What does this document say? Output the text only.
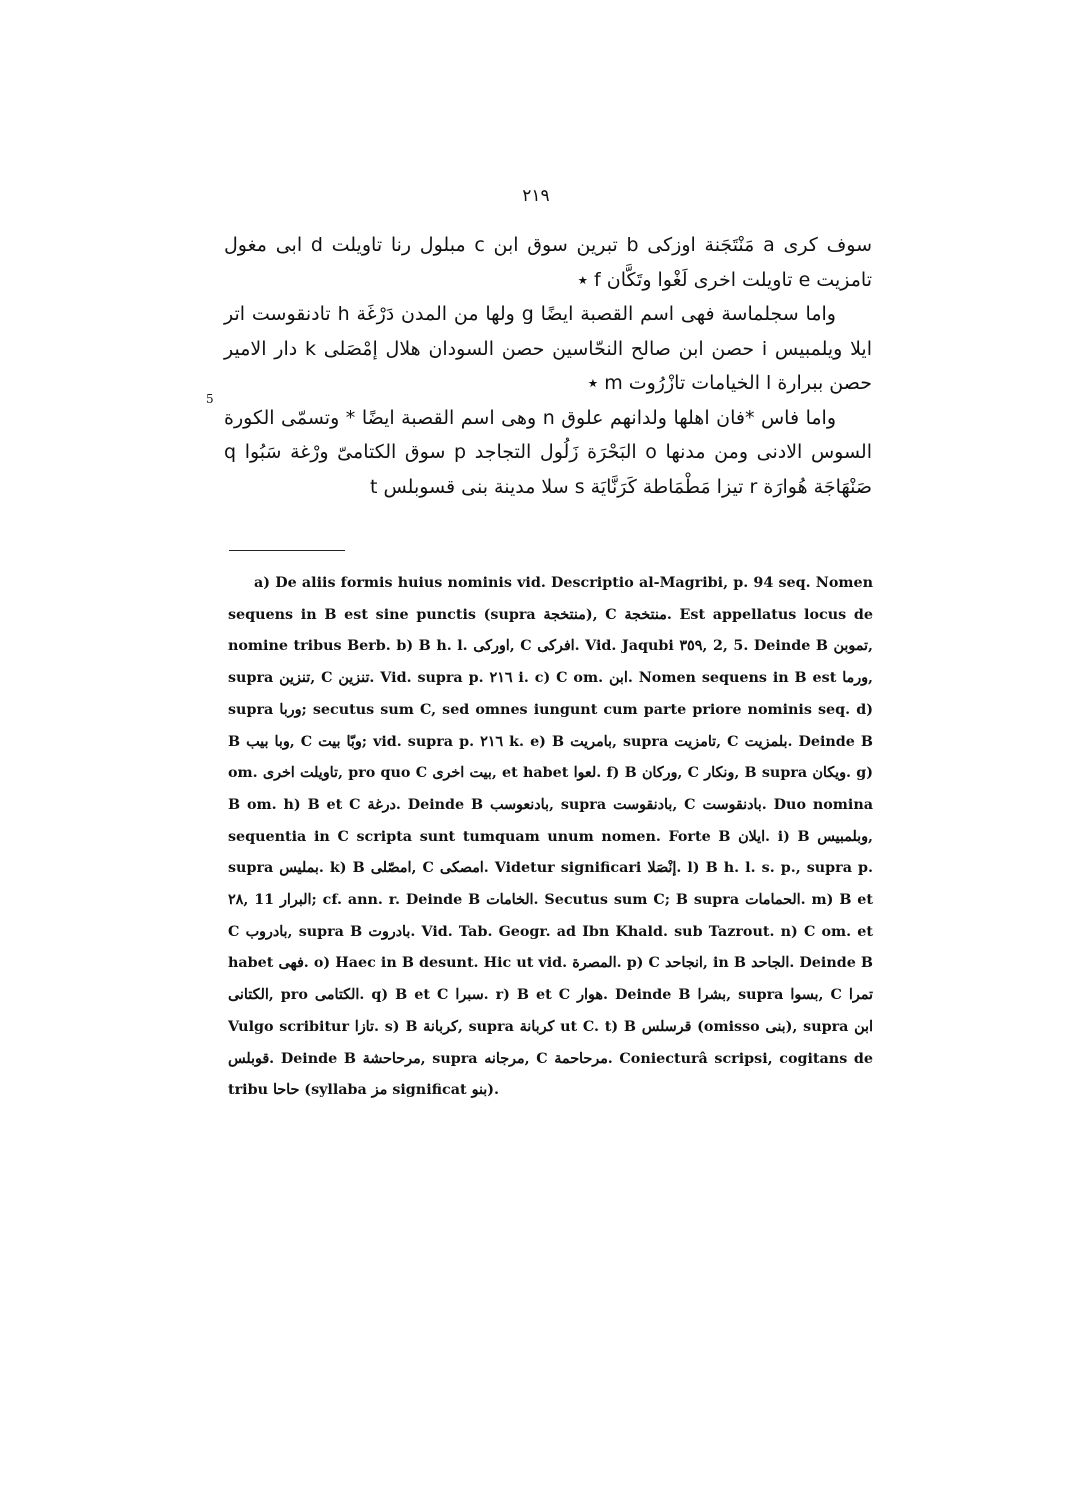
٢١٩

سوف كرى a مَنْتَجَنة اوزكى b تبرين سوق ابن c مبلول رنا تاويلت d ابى مغول تامزيت e تاويلت اخرى لَغْوا وتَكَّان f ٭

واما سجلماسة فهى اسم القصبة ايضًا g ولها من المدن دَرْغَة h تادنقوست اتر ايلا ويلمبيس i حصن ابن صالح النحّاسين حصن السودان هلال إمْصَلى k دار الامير حصن ببرارة l الخيامات تازْرُوت m ٭

واما فاس *فان اهلها ولدانهم علوق n وهى اسم القصبة ايضًا * وتسمّى الكورة السوس الادنى ومن مدنها o البَحْرَة زَلُول التجاجد p سوق الكتامىّ ورْغة سَبُوا q صَنْهَاجَة هُوارَة r تيزا مَطْمَاطة كَرَنَّايَة s سلا مدينة بنى قسوبلس t

5
a) De aliis formis huius nominis vid. Descriptio al-Magribi, p. 94 seq. Nomen sequens in B est sine punctis (supra منتخجة), C منتخجة. Est appellatus locus de nomine tribus Berb. b) B h. l. اوركى, C افركى. Vid. Jaqubi ٣٥٩, 2, 5. Deinde B تموبن, supra تنزين, C تنزين. Vid. supra p. ٢١٦ i. c) C om. ابن. Nomen sequens in B est ورما, supra وربا; secutus sum C, sed omnes iungunt cum parte priore nominis seq. d) B وبا بيب, C وبّا بيت; vid. supra p. ٢١٦ k. e) B بامريت, supra تامزيت, C بلمزيت. Deinde B om. تاويلت اخرى, pro quo C بيت اخرى, et habet لعوا. f) B وركان, C ونكار, B supra ويكان. g) B om. h) B et C درغة. Deinde B بادنعوسب, supra بادنقوست, C بادنقوست. Duo nomina sequentia in C scripta sunt tumquam unum nomen. Forte B ايلان. i) B وبلمبيس, supra بمليس. k) B امصّلى, C امصكى. Videtur significari إنْصَلا. l) B h. l. s. p., supra p. ٢٨, 11 البرار; cf. ann. r. Deinde B الخامات. Secutus sum C; B supra الحمامات. m) B et C بادروب, supra B بادروت. Vid. Tab. Geogr. ad Ibn Khald. sub Tazrout. n) C om. et habet فهى. o) Haec in B desunt. Hic ut vid. المصرة. p) C انجاحد, in B الجاحد. Deinde B الكتانى, pro الكتامى. q) B et C سبرا. r) B et C هوار. Deinde B بشرا, supra بسوا, C تمرا Vulgo scribitur تازا. s) B كربانة, supra كربانة ut C. t) B قرسلس (omisso بنى), supra ابن قوبلس. Deinde B مرحاحشة, supra مرجانه, C مرحاحمة. Coniecturâ scripsi, cogitans de tribu حاحا (syllaba مز significat بنو).
